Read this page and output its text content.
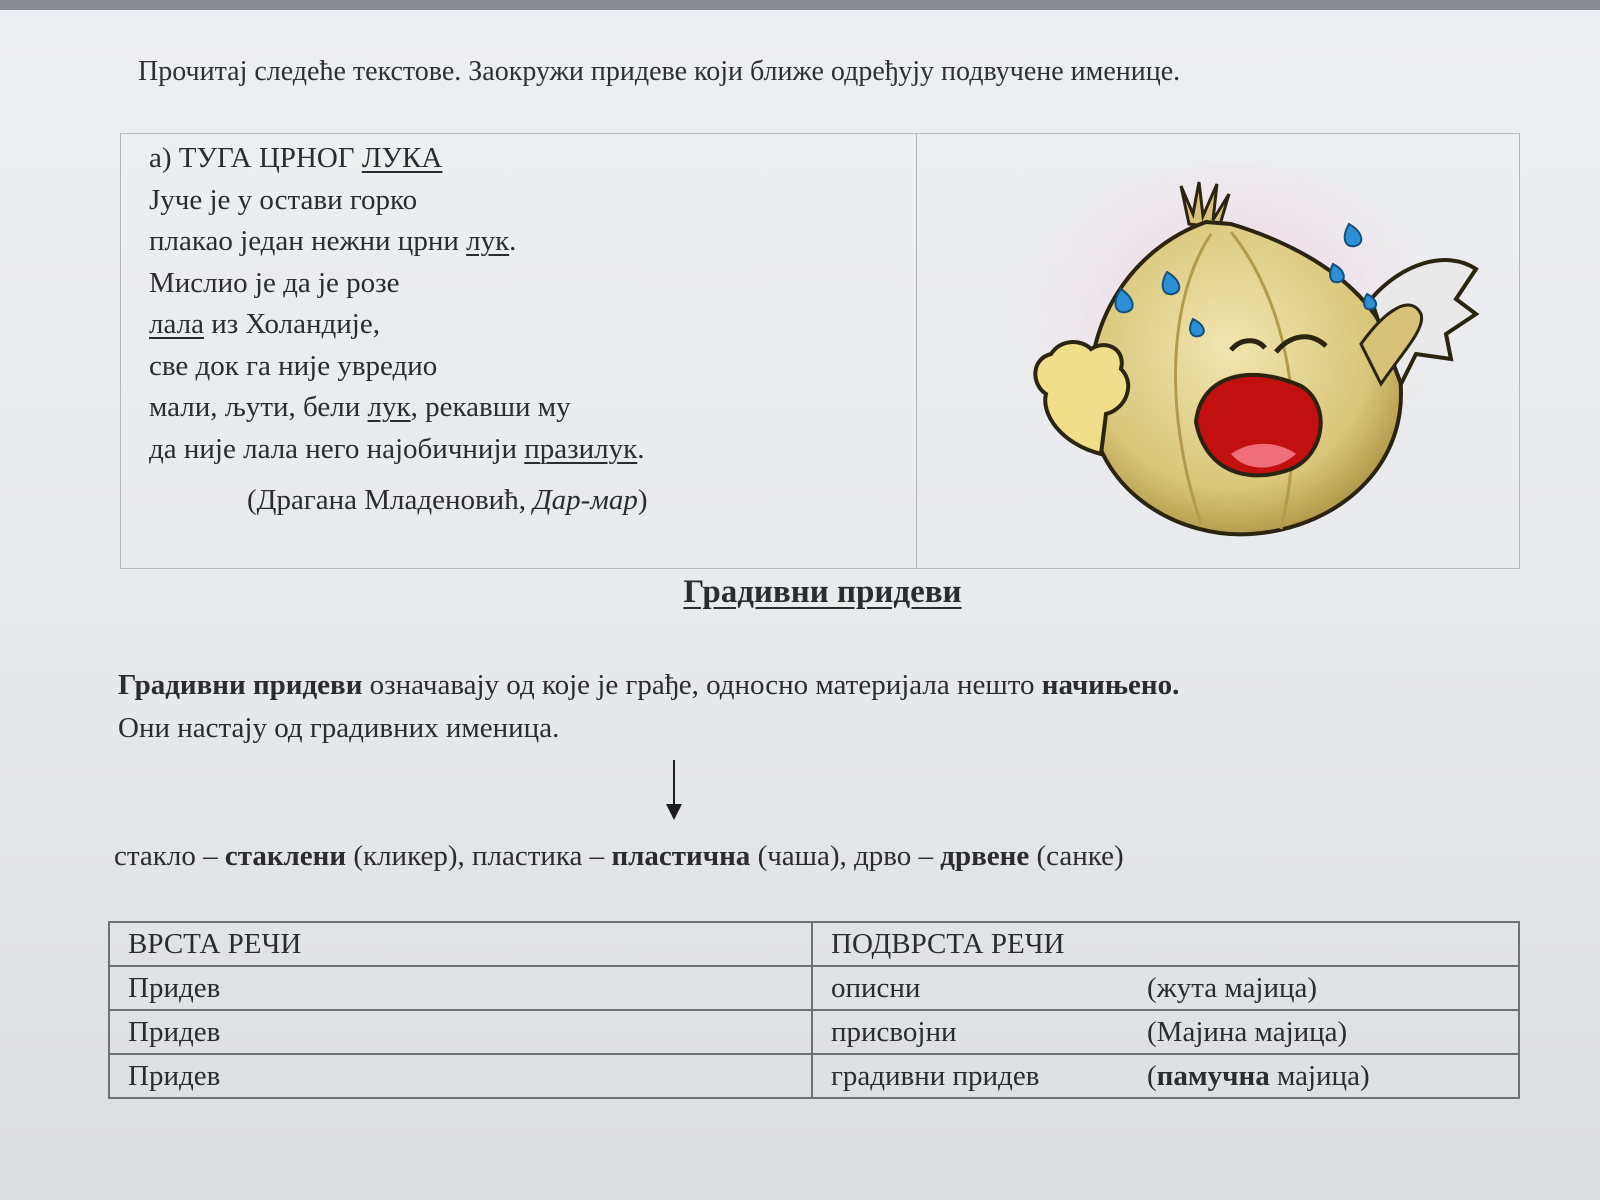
Прочитај следеће текстове. Заокружи придеве који ближе одређују подвучене именице.
а) ТУГА ЦРНОГ ЛУКА
Јуче је у остави горко
плакао један нежни црни лук.
Мислио је да је розе
лала из Холандије,
све док га није увредио
мали, љути, бели лук, рекавши му
да није лала него најобичнији празилук.
(Драгана Младеновић, Дар-мар)
Градивни придеви
Градивни придеви означавају од које је грађе, односно материјала нешто начињено.
Они настају од градивних именица.
стакло – стаклени (кликер), пластика – пластична (чаша), дрво – дрвене (санке)
ВРСТА РЕЧИ	ПОДВРСТА РЕЧИ
Придев	описни (жута мајица)
Придев	присвојни (Мајина мајица)
Придев	градивни придев (памучна мајица)
